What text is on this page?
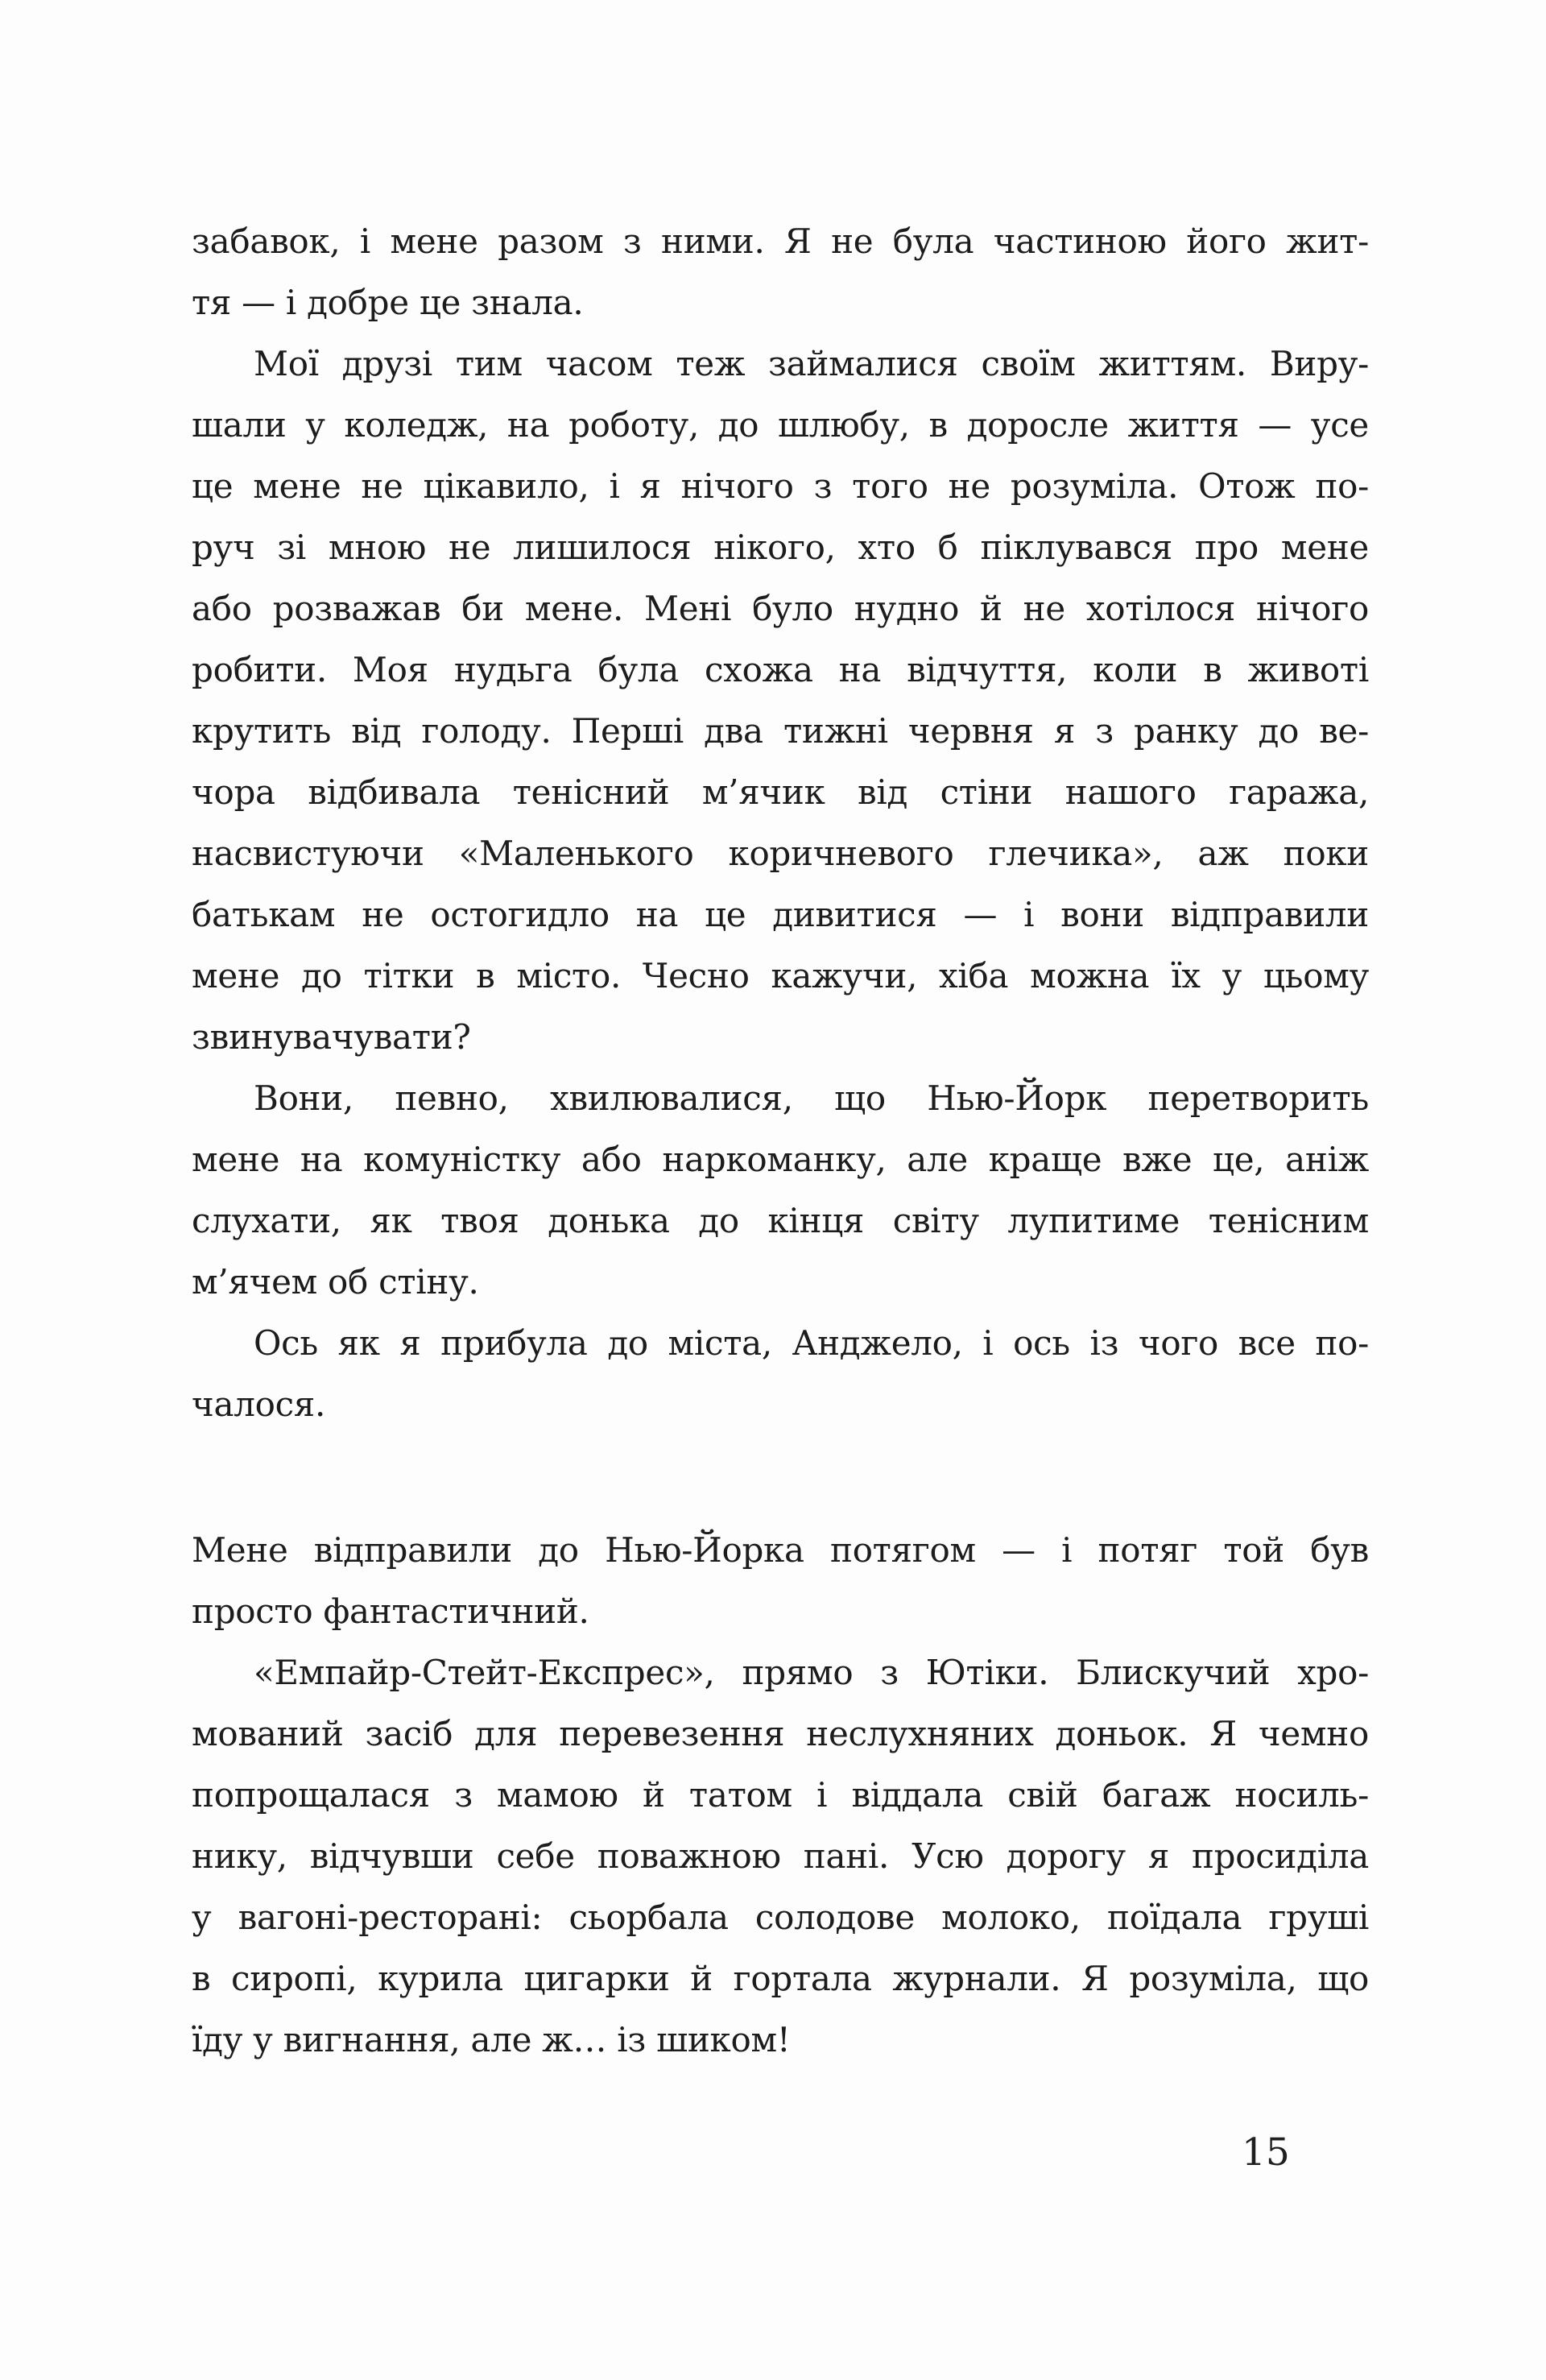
забавок, і мене разом з ними. Я не була частиною його жит-
тя — і добре це знала.
Мої друзі тим часом теж займалися своїм життям. Виру-
шали у коледж, на роботу, до шлюбу, в доросле життя — усе
це мене не цікавило, і я нічого з того не розуміла. Отож по-
руч зі мною не лишилося нікого, хто б піклувався про мене
або розважав би мене. Мені було нудно й не хотілося нічого
робити. Моя нудьга була схожа на відчуття, коли в животі
крутить від голоду. Перші два тижні червня я з ранку до ве-
чора відбивала тенісний м’ячик від стіни нашого гаража,
насвистуючи «Маленького коричневого глечика», аж поки
батькам не остогидло на це дивитися — і вони відправили
мене до тітки в місто. Чесно кажучи, хіба можна їх у цьому
звинувачувати?
Вони, певно, хвилювалися, що Нью-Йорк перетворить
мене на комуністку або наркоманку, але краще вже це, аніж
слухати, як твоя донька до кінця світу лупитиме тенісним
м’ячем об стіну.
Ось як я прибула до міста, Анджело, і ось із чого все по-
чалося.
Мене відправили до Нью-Йорка потягом — і потяг той був
просто фантастичний.
«Емпайр-Стейт-Експрес», прямо з Ютіки. Блискучий хро-
мований засіб для перевезення неслухняних доньок. Я чемно
попрощалася з мамою й татом і віддала свій багаж носиль-
нику, відчувши себе поважною пані. Усю дорогу я просиділа
у вагоні-ресторані: сьорбала солодове молоко, поїдала груші
в сиропі, курила цигарки й гортала журнали. Я розуміла, що
їду у вигнання, але ж… із шиком!
15
